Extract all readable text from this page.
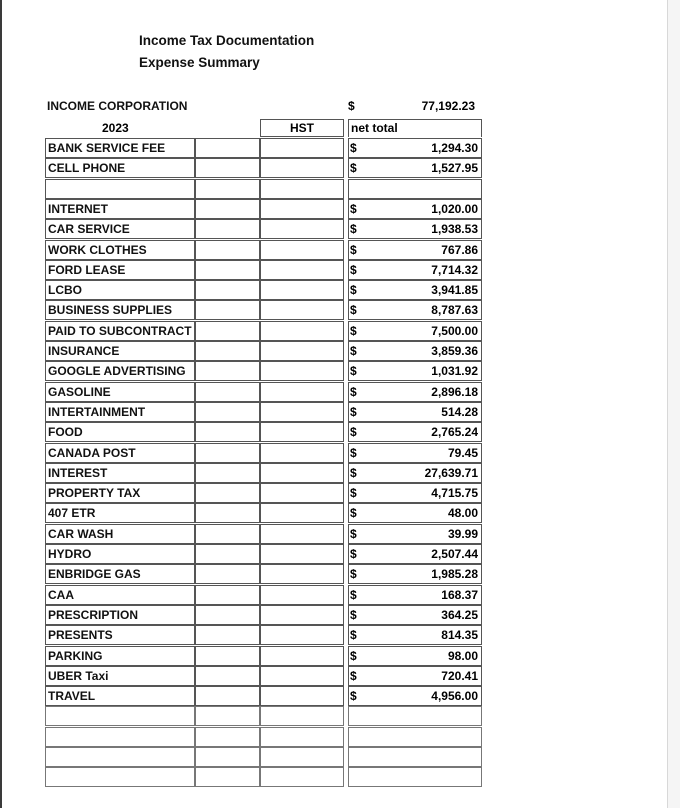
Income Tax Documentation
Expense Summary
INCOME CORPORATION	$	77,192.23
2023	HST	net total
BANK SERVICE FEE	$	1,294.30
CELL PHONE	$	1,527.95
INTERNET	$	1,020.00
CAR SERVICE	$	1,938.53
WORK CLOTHES	$	767.86
FORD LEASE	$	7,714.32
LCBO	$	3,941.85
BUSINESS SUPPLIES	$	8,787.63
PAID TO SUBCONTRACT	$	7,500.00
INSURANCE	$	3,859.36
GOOGLE ADVERTISING	$	1,031.92
GASOLINE	$	2,896.18
INTERTAINMENT	$	514.28
FOOD	$	2,765.24
CANADA POST	$	79.45
INTEREST	$	27,639.71
PROPERTY TAX	$	4,715.75
407 ETR	$	48.00
CAR WASH	$	39.99
HYDRO	$	2,507.44
ENBRIDGE GAS	$	1,985.28
CAA	$	168.37
PRESCRIPTION	$	364.25
PRESENTS	$	814.35
PARKING	$	98.00
UBER Taxi	$	720.41
TRAVEL	$	4,956.00
